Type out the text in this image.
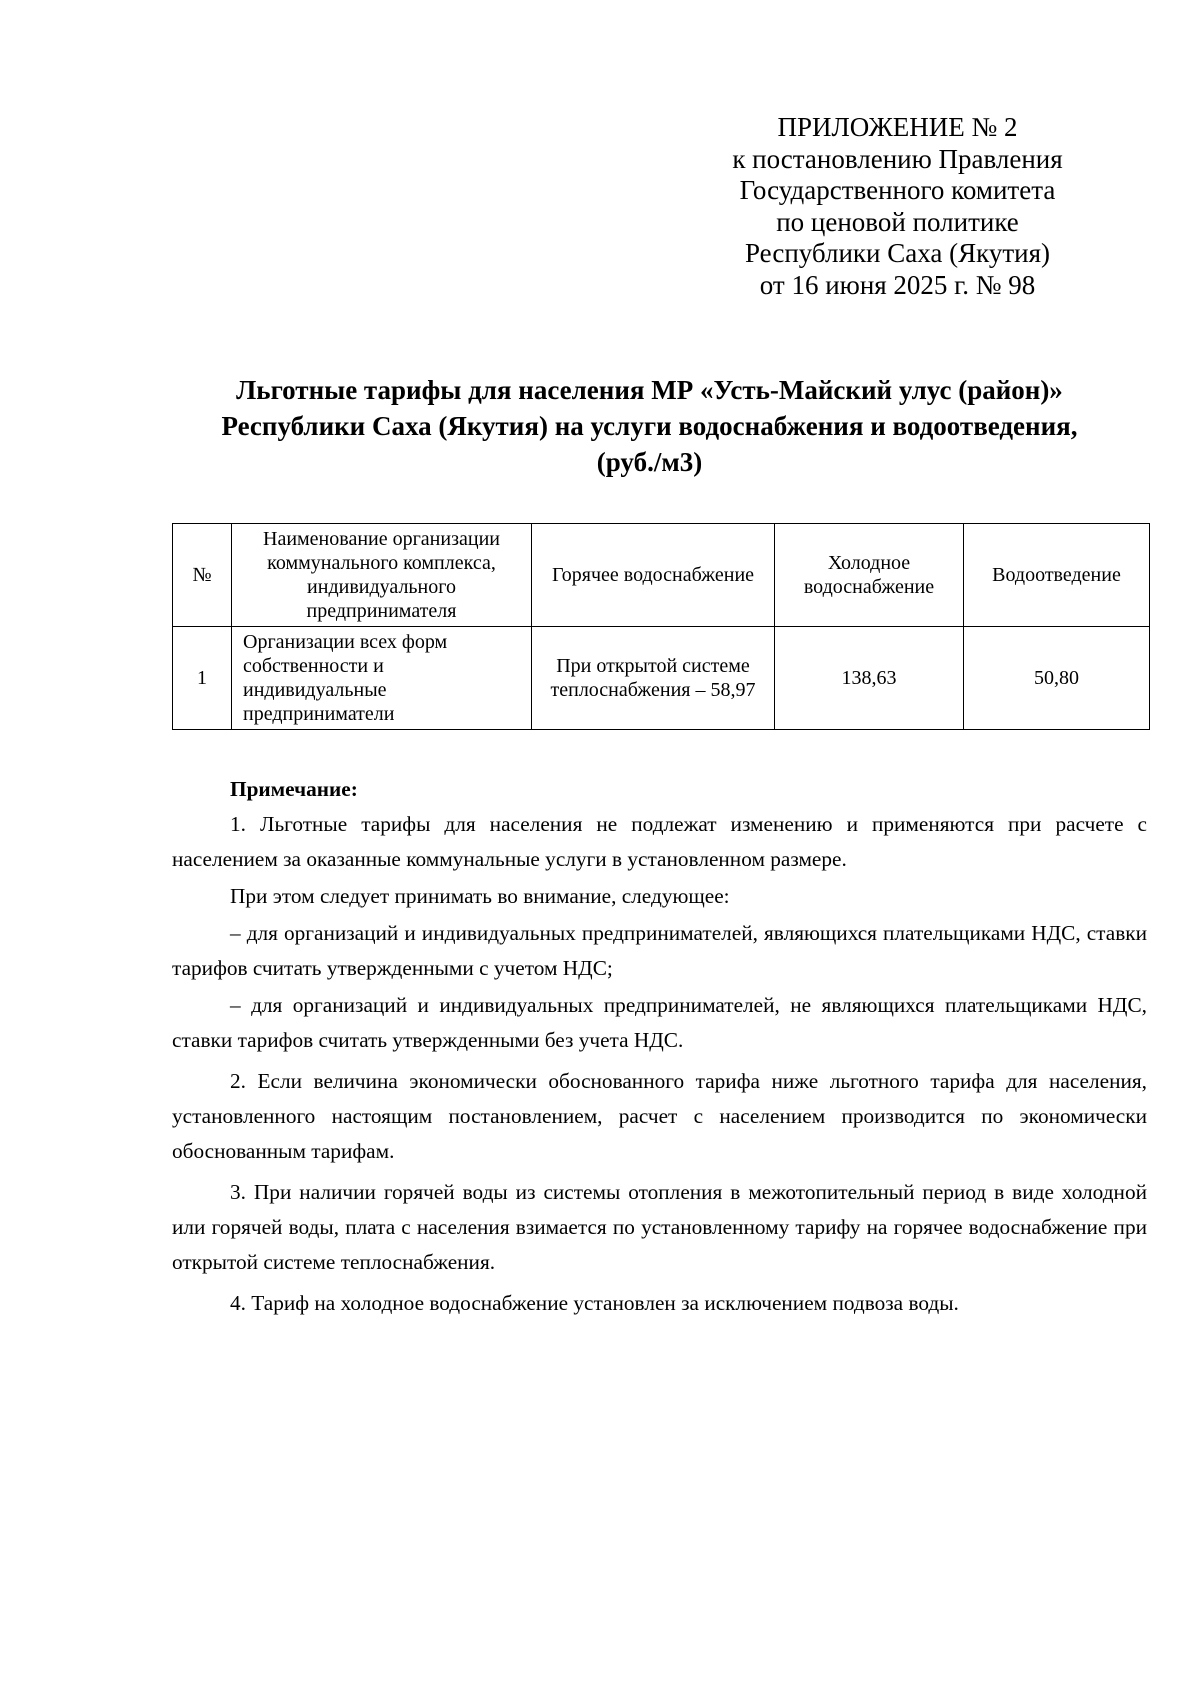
ПРИЛОЖЕНИЕ № 2
к постановлению Правления
Государственного комитета
по ценовой политике
Республики Саха (Якутия)
от 16 июня 2025 г. № 98
Льготные тарифы для населения МР «Усть-Майский улус (район)»
Республики Саха (Якутия) на услуги водоснабжения и водоотведения,
(руб./м3)
№	Наименование организации коммунального комплекса, индивидуального предпринимателя	Горячее водоснабжение	Холодное водоснабжение	Водоотведение
1	Организации всех форм собственности и индивидуальные предприниматели	При открытой системе теплоснабжения – 58,97	138,63	50,80

Примечание:

1. Льготные тарифы для населения не подлежат изменению и применяются при расчете с населением за оказанные коммунальные услуги в установленном размере.

При этом следует принимать во внимание, следующее:

– для организаций и индивидуальных предпринимателей, являющихся плательщиками НДС, ставки тарифов считать утвержденными с учетом НДС;

– для организаций и индивидуальных предпринимателей, не являющихся плательщиками НДС, ставки тарифов считать утвержденными без учета НДС.

2. Если величина экономически обоснованного тарифа ниже льготного тарифа для населения, установленного настоящим постановлением, расчет с населением производится по экономически обоснованным тарифам.

3. При наличии горячей воды из системы отопления в межотопительный период в виде холодной или горячей воды, плата с населения взимается по установленному тарифу на горячее водоснабжение при открытой системе теплоснабжения.

4. Тариф на холодное водоснабжение установлен за исключением подвоза воды.
